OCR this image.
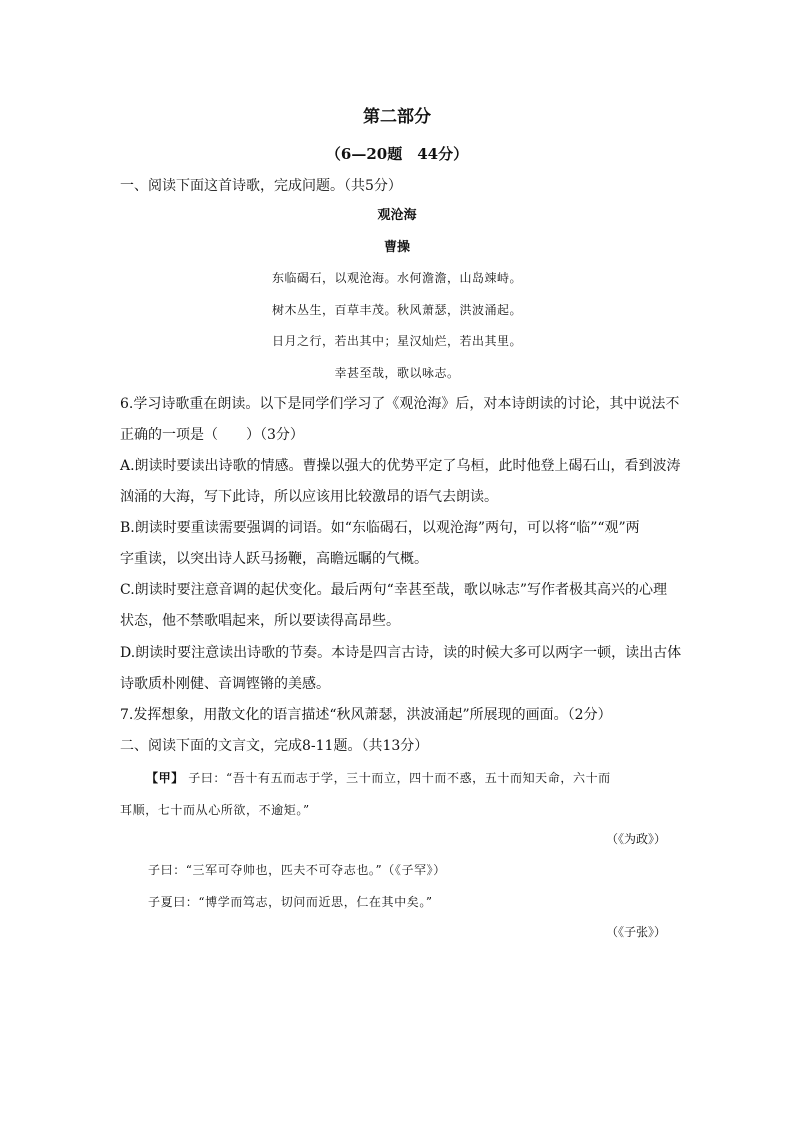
第二部分
（6—20题　44分）
一、阅读下面这首诗歌，完成问题。（共5分）
观沧海
曹操
东临碣石，以观沧海。水何澹澹，山岛竦峙。
树木丛生，百草丰茂。秋风萧瑟，洪波涌起。
日月之行，若出其中；星汉灿烂，若出其里。
幸甚至哉，歌以咏志。
6.学习诗歌重在朗读。以下是同学们学习了《观沧海》后，对本诗朗读的讨论，其中说法不
正确的一项是（　　）（3分）
A.朗读时要读出诗歌的情感。曹操以强大的优势平定了乌桓，此时他登上碣石山，看到波涛
汹涌的大海，写下此诗，所以应该用比较激昂的语气去朗读。
B.朗读时要重读需要强调的词语。如“东临碣石，以观沧海”两句，可以将“临”“观”两
字重读，以突出诗人跃马扬鞭，高瞻远瞩的气概。
C.朗读时要注意音调的起伏变化。最后两句“幸甚至哉，歌以咏志”写作者极其高兴的心理
状态，他不禁歌唱起来，所以要读得高昂些。
D.朗读时要注意读出诗歌的节奏。本诗是四言古诗，读的时候大多可以两字一顿，读出古体
诗歌质朴刚健、音调铿锵的美感。
7.发挥想象，用散文化的语言描述“秋风萧瑟，洪波涌起”所展现的画面。（2分）
二、阅读下面的文言文，完成8-11题。（共13分）
【甲】 子曰：“吾十有五而志于学，三十而立，四十而不惑，五十而知天命，六十而
耳顺，七十而从心所欲，不逾矩。”
（《为政》）
子曰：“三军可夺帅也，匹夫不可夺志也。”（《子罕》）
子夏曰：“博学而笃志，切问而近思，仁在其中矣。”
（《子张》）
